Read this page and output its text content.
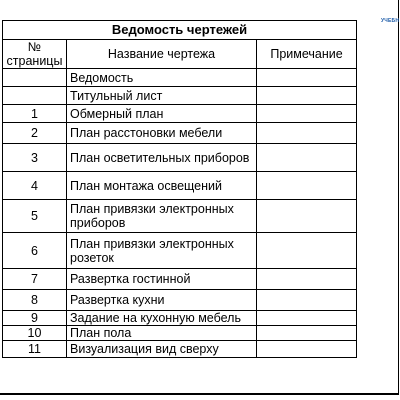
УЧЕБН
Ведомость чертежей		
№ страницы	Название чертежа	Примечание
	Ведомость	
	Титульный лист	
1	Обмерный план	
2	План расстоновки мебели	
3	План осветительных приборов	
4	План монтажа освещений	
5	План привязки электронных приборов	
6	План привязки электронных розеток	
7	Развертка гостинной	
8	Развертка кухни	
9	Задание на кухонную мебель	
10	План пола	
11	Визуализация вид сверху	
